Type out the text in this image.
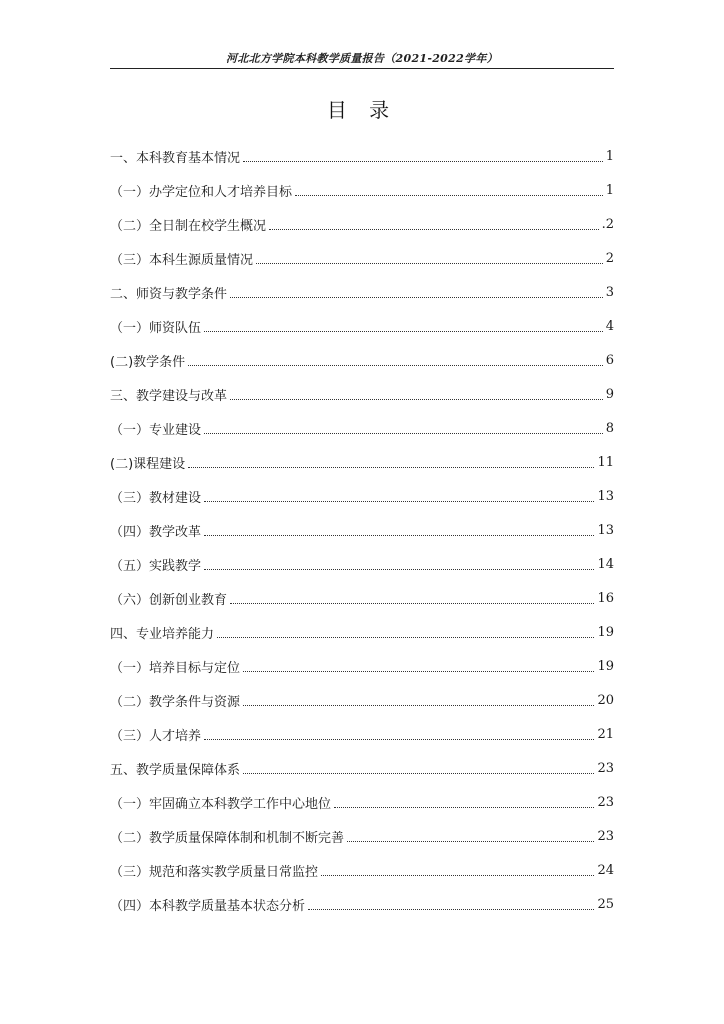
河北北方学院本科教学质量报告（2021-2022学年）
目 录
一、本科教育基本情况	1
（一）办学定位和人才培养目标	1
（二）全日制在校学生概况	.2
（三）本科生源质量情况	2
二、师资与教学条件	3
（一）师资队伍	4
(二)教学条件	6
三、教学建设与改革	9
（一）专业建设	8
(二)课程建设	11
（三）教材建设	13
（四）教学改革	13
（五）实践教学	14
（六）创新创业教育	16
四、专业培养能力	19
（一）培养目标与定位	19
（二）教学条件与资源	20
（三）人才培养	21
五、教学质量保障体系	23
（一）牢固确立本科教学工作中心地位	23
（二）教学质量保障体制和机制不断完善	23
（三）规范和落实教学质量日常监控	24
（四）本科教学质量基本状态分析	25
